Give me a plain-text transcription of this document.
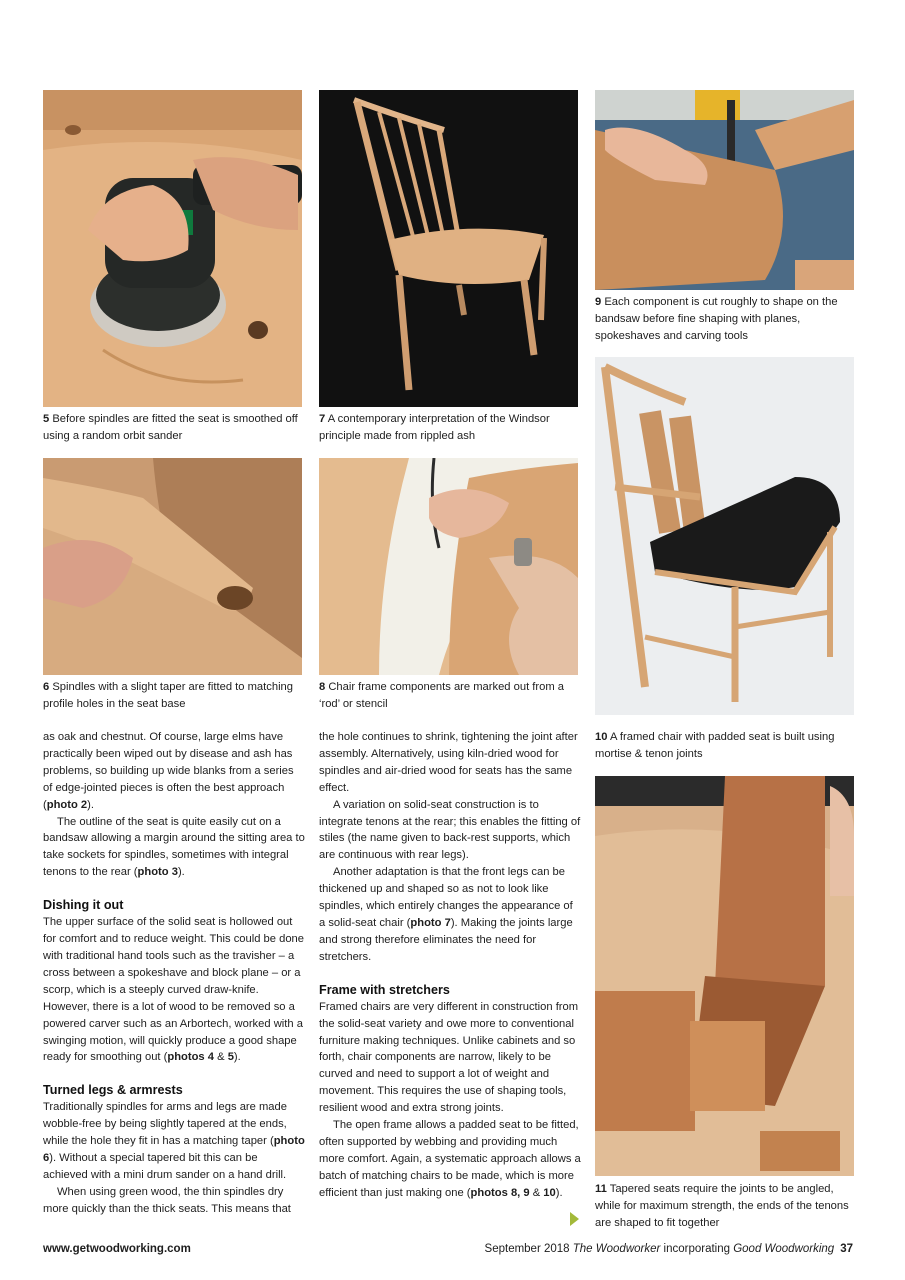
5 Before spindles are fitted the seat is smoothed off using a random orbit sander
7 A contemporary interpretation of the Windsor principle made from rippled ash
9 Each component is cut roughly to shape on the bandsaw before fine shaping with planes, spokeshaves and carving tools
6 Spindles with a slight taper are fitted to matching profile holes in the seat base
8 Chair frame components are marked out from a ‘rod’ or stencil
10 A framed chair with padded seat is built using mortise & tenon joints
11 Tapered seats require the joints to be angled, while for maximum strength, the ends of the tenons are shaped to fit together

as oak and chestnut. Of course, large elms have practically been wiped out by disease and ash has problems, so building up wide blanks from a series of edge-jointed pieces is often the best approach (photo 2).

The outline of the seat is quite easily cut on a bandsaw allowing a margin around the sitting area to take sockets for spindles, sometimes with integral tenons to the rear (photo 3).

Dishing it out

The upper surface of the solid seat is hollowed out for comfort and to reduce weight. This could be done with traditional hand tools such as the travisher – a cross between a spokeshave and block plane – or a scorp, which is a steeply curved draw-knife. However, there is a lot of wood to be removed so a powered carver such as an Arbortech, worked with a swinging motion, will quickly produce a good shape ready for smoothing out (photos 4 & 5).

Turned legs & armrests

Traditionally spindles for arms and legs are made wobble-free by being slightly tapered at the ends, while the hole they fit in has a matching taper (photo 6). Without a special tapered bit this can be achieved with a mini drum sander on a hand drill.

When using green wood, the thin spindles dry more quickly than the thick seats. This means that

the hole continues to shrink, tightening the joint after assembly. Alternatively, using kiln-dried wood for spindles and air-dried wood for seats has the same effect.

A variation on solid-seat construction is to integrate tenons at the rear; this enables the fitting of stiles (the name given to back-rest supports, which are continuous with rear legs).

Another adaptation is that the front legs can be thickened up and shaped so as not to look like spindles, which entirely changes the appearance of a solid-seat chair (photo 7). Making the joints large and strong therefore eliminates the need for stretchers.

Frame with stretchers

Framed chairs are very different in construction from the solid-seat variety and owe more to conventional furniture making techniques. Unlike cabinets and so forth, chair components are narrow, likely to be curved and need to support a lot of weight and movement. This requires the use of shaping tools, resilient wood and extra strong joints.

The open frame allows a padded seat to be fitted, often supported by webbing and providing much more comfort. Again, a systematic approach allows a batch of matching chairs to be made, which is more efficient than just making one (photos 8, 9 & 10).

www.getwoodworking.com	September 2018 The Woodworker incorporating Good Woodworking 37
